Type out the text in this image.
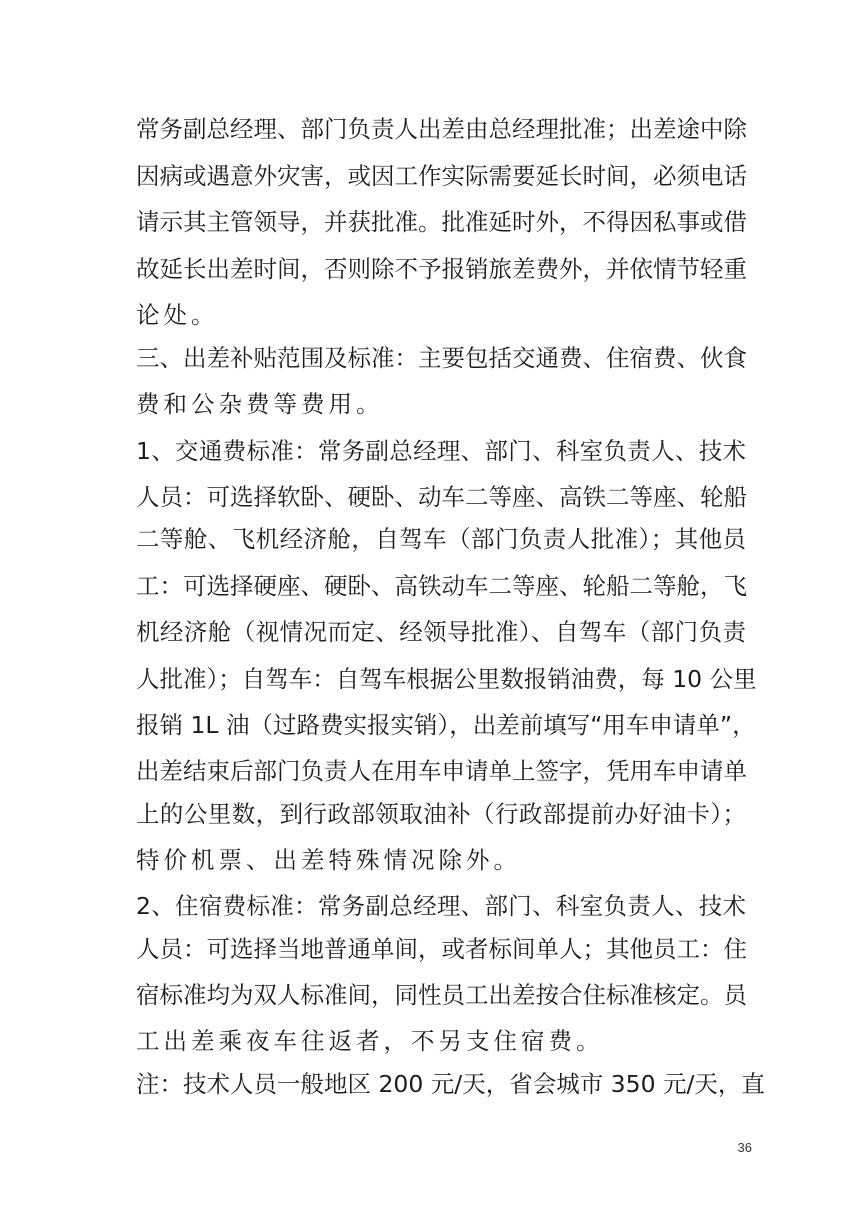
常务副总经理、部门负责人出差由总经理批准；出差途中除
因病或遇意外灾害，或因工作实际需要延长时间，必须电话
请示其主管领导，并获批准。批准延时外，不得因私事或借
故延长出差时间，否则除不予报销旅差费外，并依情节轻重
论处。
三、出差补贴范围及标准：主要包括交通费、住宿费、伙食
费和公杂费等费用。
1、交通费标准：常务副总经理、部门、科室负责人、技术
人员：可选择软卧、硬卧、动车二等座、高铁二等座、轮船
二等舱、飞机经济舱，自驾车（部门负责人批准）；其他员
工：可选择硬座、硬卧、高铁动车二等座、轮船二等舱，飞
机经济舱（视情况而定、经领导批准）、自驾车（部门负责
人批准）；自驾车：自驾车根据公里数报销油费，每 10 公里
报销 1L 油（过路费实报实销），出差前填写“用车申请单”，
出差结束后部门负责人在用车申请单上签字，凭用车申请单
上的公里数，到行政部领取油补（行政部提前办好油卡）；
特价机票、出差特殊情况除外。
2、住宿费标准：常务副总经理、部门、科室负责人、技术
人员：可选择当地普通单间，或者标间单人；其他员工：住
宿标准均为双人标准间，同性员工出差按合住标准核定。员
工出差乘夜车往返者，不另支住宿费。
注：技术人员一般地区 200 元/天，省会城市 350 元/天，直
36
